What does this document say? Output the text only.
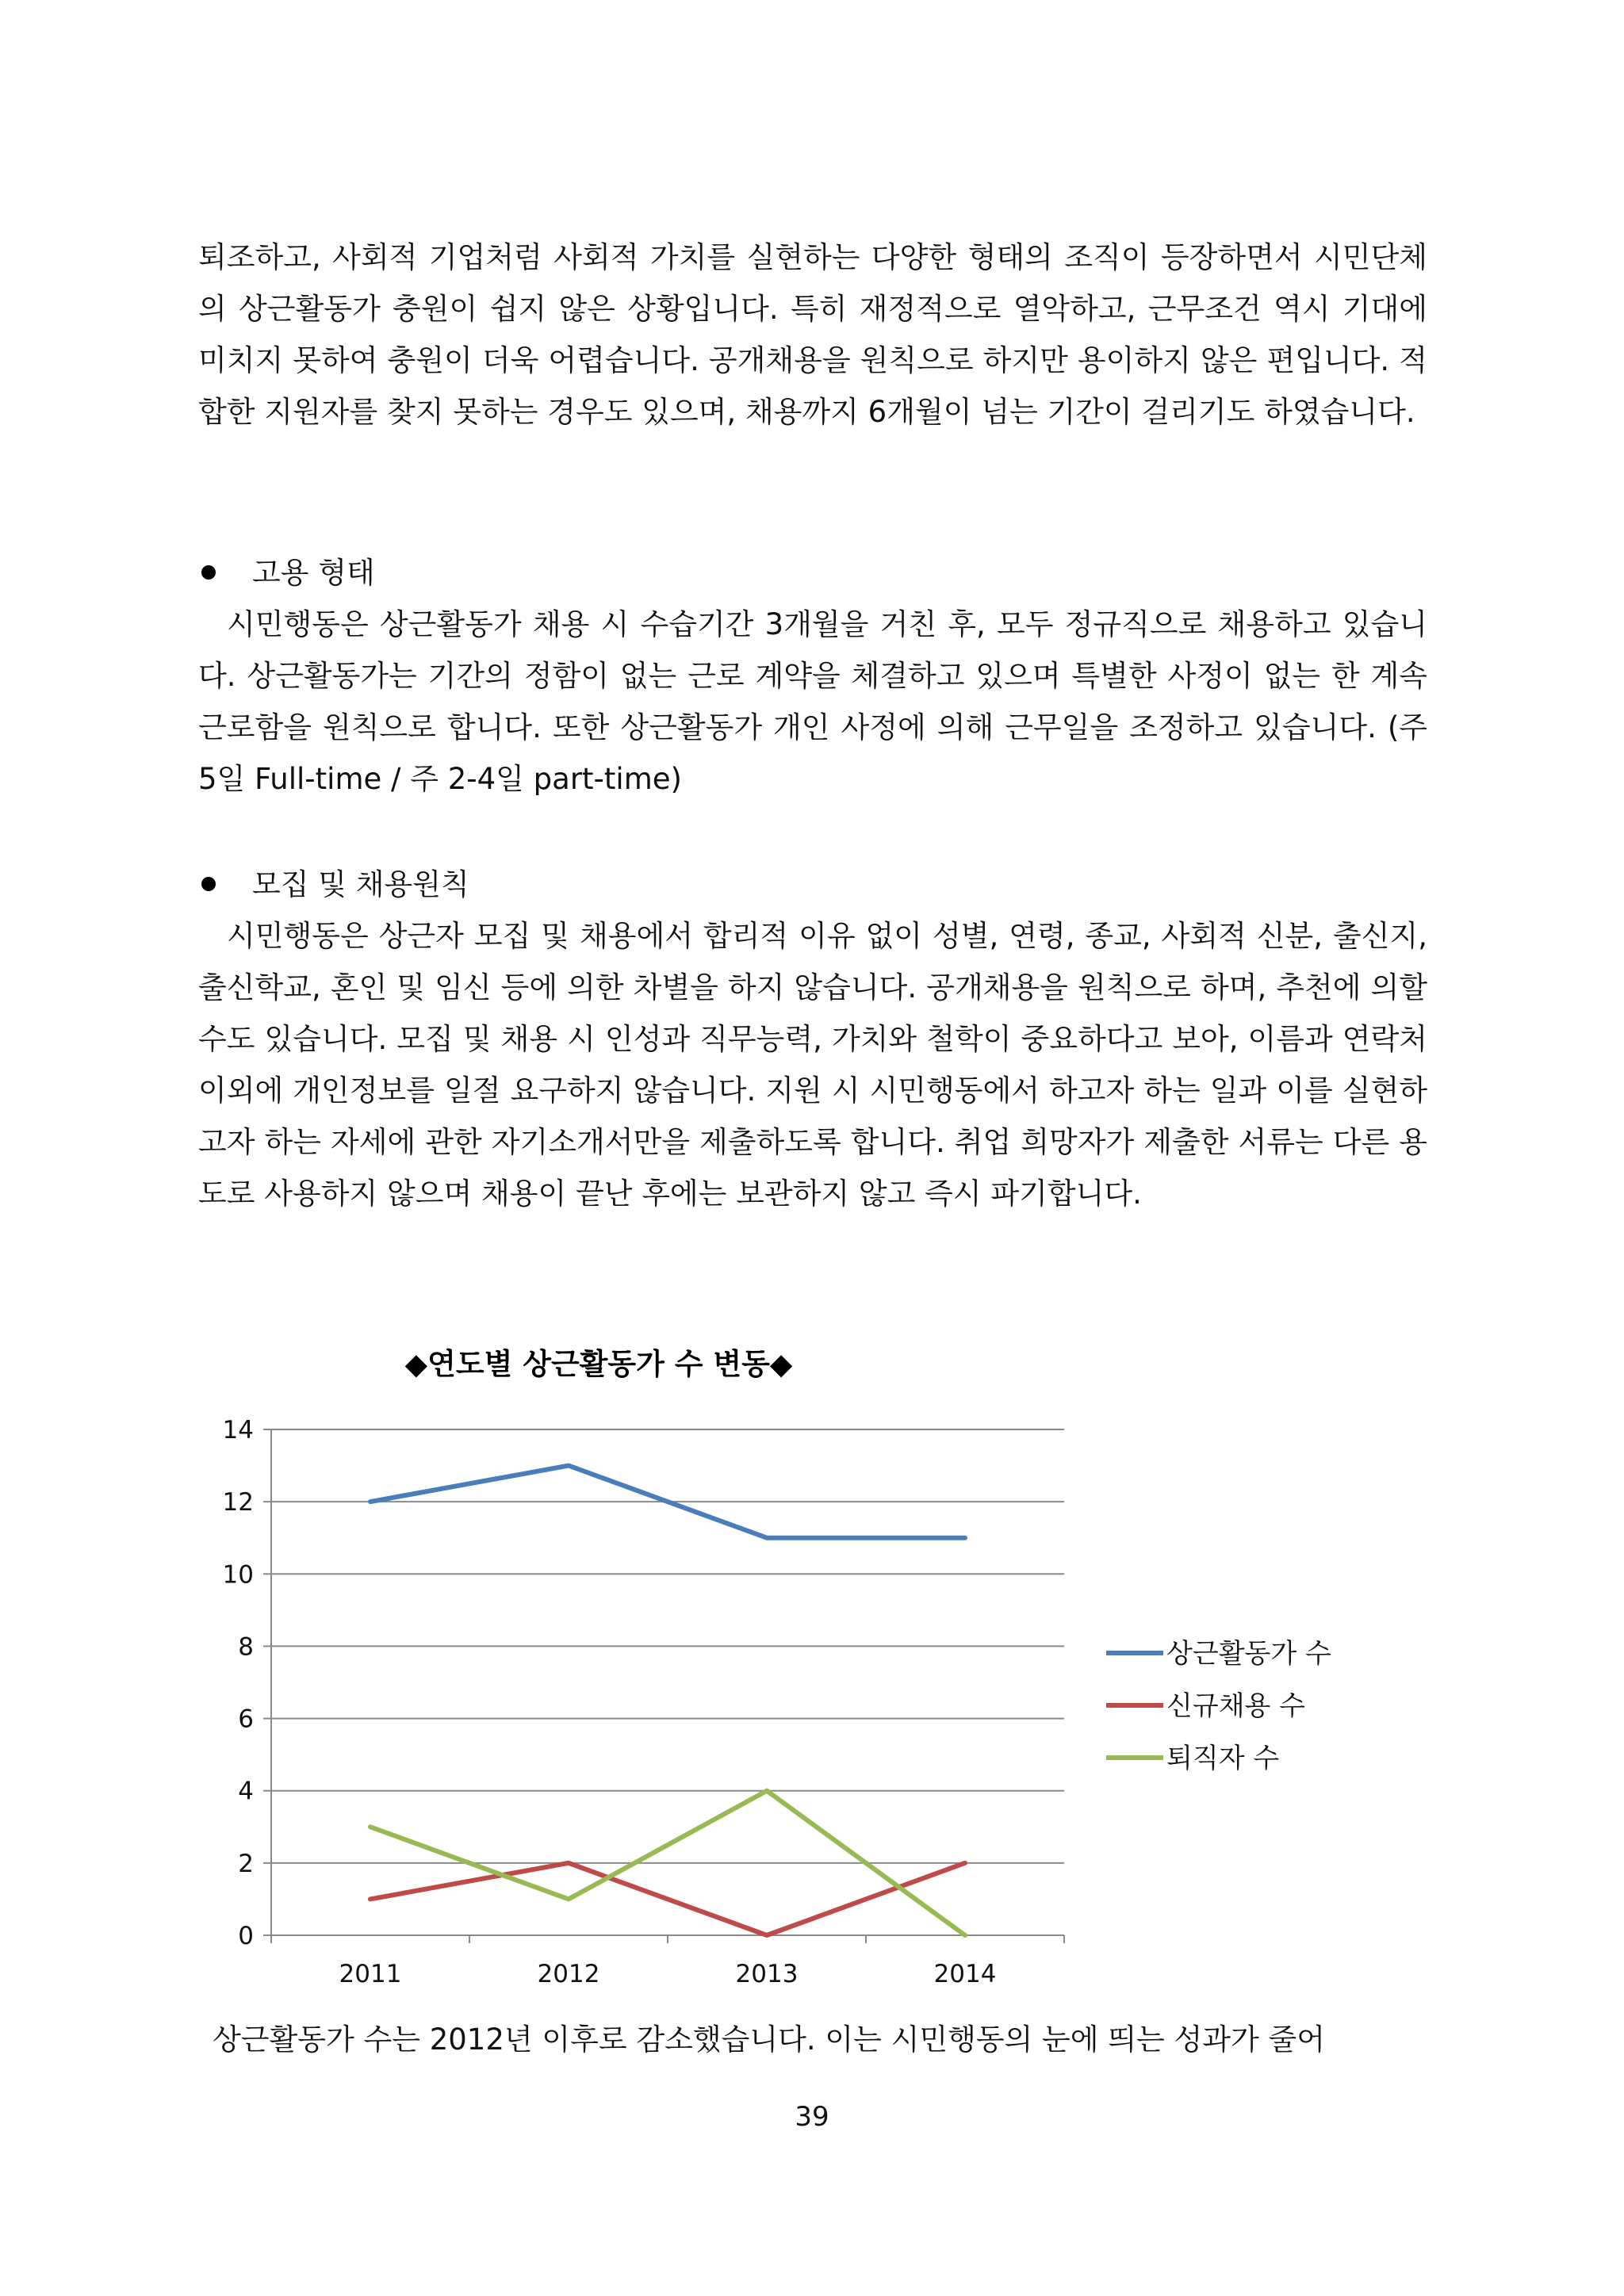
퇴조하고, 사회적 기업처럼 사회적 가치를 실현하는 다양한 형태의 조직이 등장하면서 시민단체의 상근활동가 충원이 쉽지 않은 상황입니다. 특히 재정적으로 열악하고, 근무조건 역시 기대에 미치지 못하여 충원이 더욱 어렵습니다. 공개채용을 원칙으로 하지만 용이하지 않은 편입니다. 적합한 지원자를 찾지 못하는 경우도 있으며, 채용까지 6개월이 넘는 기간이 걸리기도 하였습니다.
고용 형태
시민행동은 상근활동가 채용 시 수습기간 3개월을 거친 후, 모두 정규직으로 채용하고 있습니다. 상근활동가는 기간의 정함이 없는 근로 계약을 체결하고 있으며 특별한 사정이 없는 한 계속 근로함을 원칙으로 합니다. 또한 상근활동가 개인 사정에 의해 근무일을 조정하고 있습니다. (주 5일 Full-time / 주 2-4일 part-time)
모집 및 채용원칙
시민행동은 상근자 모집 및 채용에서 합리적 이유 없이 성별, 연령, 종교, 사회적 신분, 출신지, 출신학교, 혼인 및 임신 등에 의한 차별을 하지 않습니다. 공개채용을 원칙으로 하며, 추천에 의할 수도 있습니다. 모집 및 채용 시 인성과 직무능력, 가치와 철학이 중요하다고 보아, 이름과 연락처 이외에 개인정보를 일절 요구하지 않습니다. 지원 시 시민행동에서 하고자 하는 일과 이를 실현하고자 하는 자세에 관한 자기소개서만을 제출하도록 합니다. 취업 희망자가 제출한 서류는 다른 용도로 사용하지 않으며 채용이 끝난 후에는 보관하지 않고 즉시 파기합니다.
◆연도별 상근활동가 수 변동◆
0
2
4
6
8
10
12
14
2011	2012	2013	2014
상근활동가 수
신규채용 수
퇴직자 수
상근활동가 수는 2012년 이후로 감소했습니다. 이는 시민행동의 눈에 띄는 성과가 줄어
39
